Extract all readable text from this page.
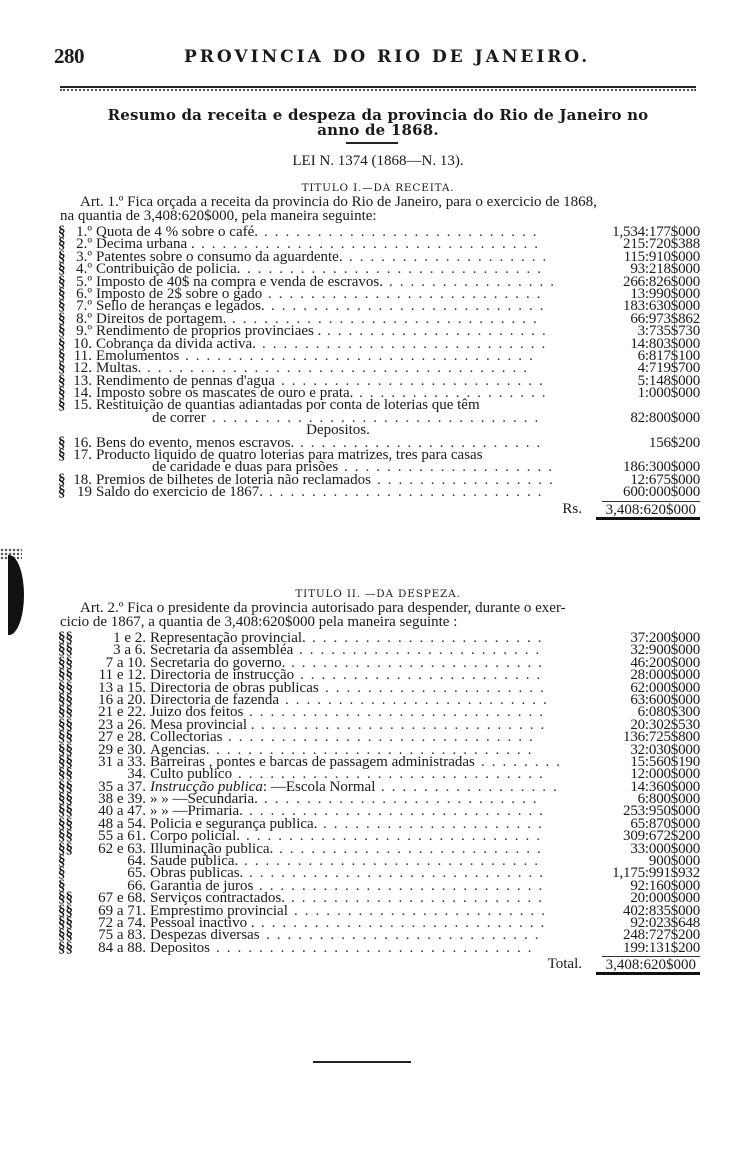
280	PROVINCIA DO RIO DE JANEIRO.
Resumo da receita e despeza da provincia do Rio de Janeiro no
anno de 1868.
LEI N. 1374 (1868—N. 13).
TITULO I.—DA RECEITA.
Art. 1.º Fica orçada a receita da provincia do Rio de Janeiro, para o exercicio de 1868,
na quantia de 3,408:620$000, pela maneira seguinte:
§ 1.º Quota de 4 % sobre o café.	1,534:177$000
..........................
§ 2.º Decima urbana .	215:720$388
................................
§ 3.º Patentes sobre o consumo da aguardente.	115:910$000
...................
§ 4.º Contribuição de policia.	93:218$000
............................
§ 5.º Imposto de 40$ na compra e venda de escravos.	266:826$000
................
§ 6.º Imposto de 2$ sobre o gado	13:990$000
..........................
§ 7.º Sello de heranças e legados.	183:630$000
..........................
§ 8.º Direitos de portagem.	66:973$862
.............................
§ 9.º Rendimento de proprios provinciaes .	3:735$730
.....................
§ 10. Cobrança da divida activa.	14:803$000
...........................
§ 11. Emolumentos	6:817$100
.................................
§ 12. Multas.	4:719$700
....................................
§ 13. Rendimento de pennas d'agua	5:148$000
.........................
§ 14. Imposto sobre os mascates de ouro e prata.	1:000$000
..................
§ 15. Restituição de quantias adiantadas por conta de loterias que têm
de correr	82:800$000
...............................
Depositos.
§ 16. Bens do evento, menos escravos.	156$200
.......................
§ 17. Producto liquido de quatro loterias para matrizes, tres para casas
de caridade e duas para prisões	186:300$000
....................
§ 18. Premios de bilhetes de loteria não reclamados	12:675$000
.................
§ 19 Saldo do exercicio de 1867.	600:000$000
..........................
Rs. 3,408:620$000
TITULO II. —DA DESPEZA.
Art. 2.º Fica o presidente da provincia autorisado para despender, durante o exer-
cicio de 1867, a quantia de 3,408:620$000 pela maneira seguinte :
§§	1 e 2. Representação provincial.	37:200$000
......................
§§	3 a 6. Secretaria da assembléa	32:900$000
.......................
§§	7 a 10. Secretaria do governo.	46:200$000
........................
§§	11 e 12. Directoria de instrucção	28:000$000
.......................
§§	13 a 15. Directoria de obras publicas	62:000$000
.....................
§§	16 a 20. Directoria de fazenda	63:600$000
.........................
§§	21 e 22. Juizo dos feitos	6:080$300
............................
§§	23 a 26. Mesa provincial .	20:302$530
...........................
§§	27 e 28. Collectorias	136:725$800
.............................
§§	29 e 30. Agencias.	32:030$000
..............................
§§	31 a 33. Barreiras , pontes e barcas de passagem administradas	15:560$190
........
§§	34. Culto publico	12:000$000
.............................
§§	35 a 37. Instrucção publica: —Escola Normal	14:360$000
.................
§§	38 e 39. » » —Secundaria.	6:800$000
..........................
§§	40 a 47. » » —Primaria.	253:950$000
............................
§§	48 a 54. Policia e segurança publica.	65:870$000
.....................
§§	55 a 61. Corpo policial.	309:672$200
............................
§§	62 e 63. Illuminação publica.	33:000$000
.........................
§	64. Saude publica.	900$000
............................
§	65. Obras publicas.	1,175:991$932
............................
§	66. Garantia de juros	92:160$000
...........................
§§	67 e 68. Serviços contractados.	20:000$000
........................
§§	69 a 71. Emprestimo provincial	402:835$000
........................
§§	72 a 74. Pessoal inactivo .	92:023$648
...........................
§§	75 a 83. Despezas diversas	248:727$200
..........................
§§	84 a 88. Depositos	199:131$200
..............................
Total. 3,408:620$000
